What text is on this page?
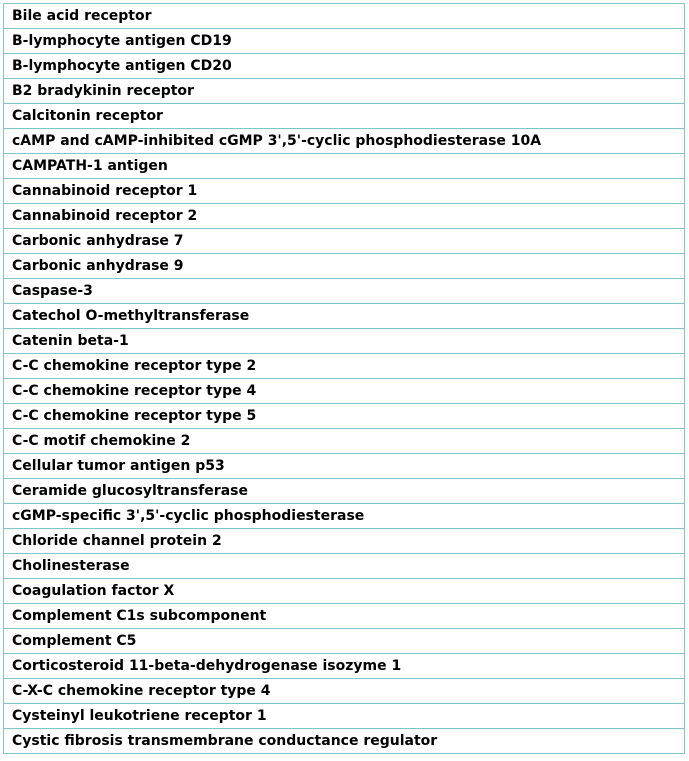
Bile acid receptor
B-lymphocyte antigen CD19
B-lymphocyte antigen CD20
B2 bradykinin receptor
Calcitonin receptor
cAMP and cAMP-inhibited cGMP 3',5'-cyclic phosphodiesterase 10A
CAMPATH-1 antigen
Cannabinoid receptor 1
Cannabinoid receptor 2
Carbonic anhydrase 7
Carbonic anhydrase 9
Caspase-3
Catechol O-methyltransferase
Catenin beta-1
C-C chemokine receptor type 2
C-C chemokine receptor type 4
C-C chemokine receptor type 5
C-C motif chemokine 2
Cellular tumor antigen p53
Ceramide glucosyltransferase
cGMP-specific 3',5'-cyclic phosphodiesterase
Chloride channel protein 2
Cholinesterase
Coagulation factor X
Complement C1s subcomponent
Complement C5
Corticosteroid 11-beta-dehydrogenase isozyme 1
C-X-C chemokine receptor type 4
Cysteinyl leukotriene receptor 1
Cystic fibrosis transmembrane conductance regulator
